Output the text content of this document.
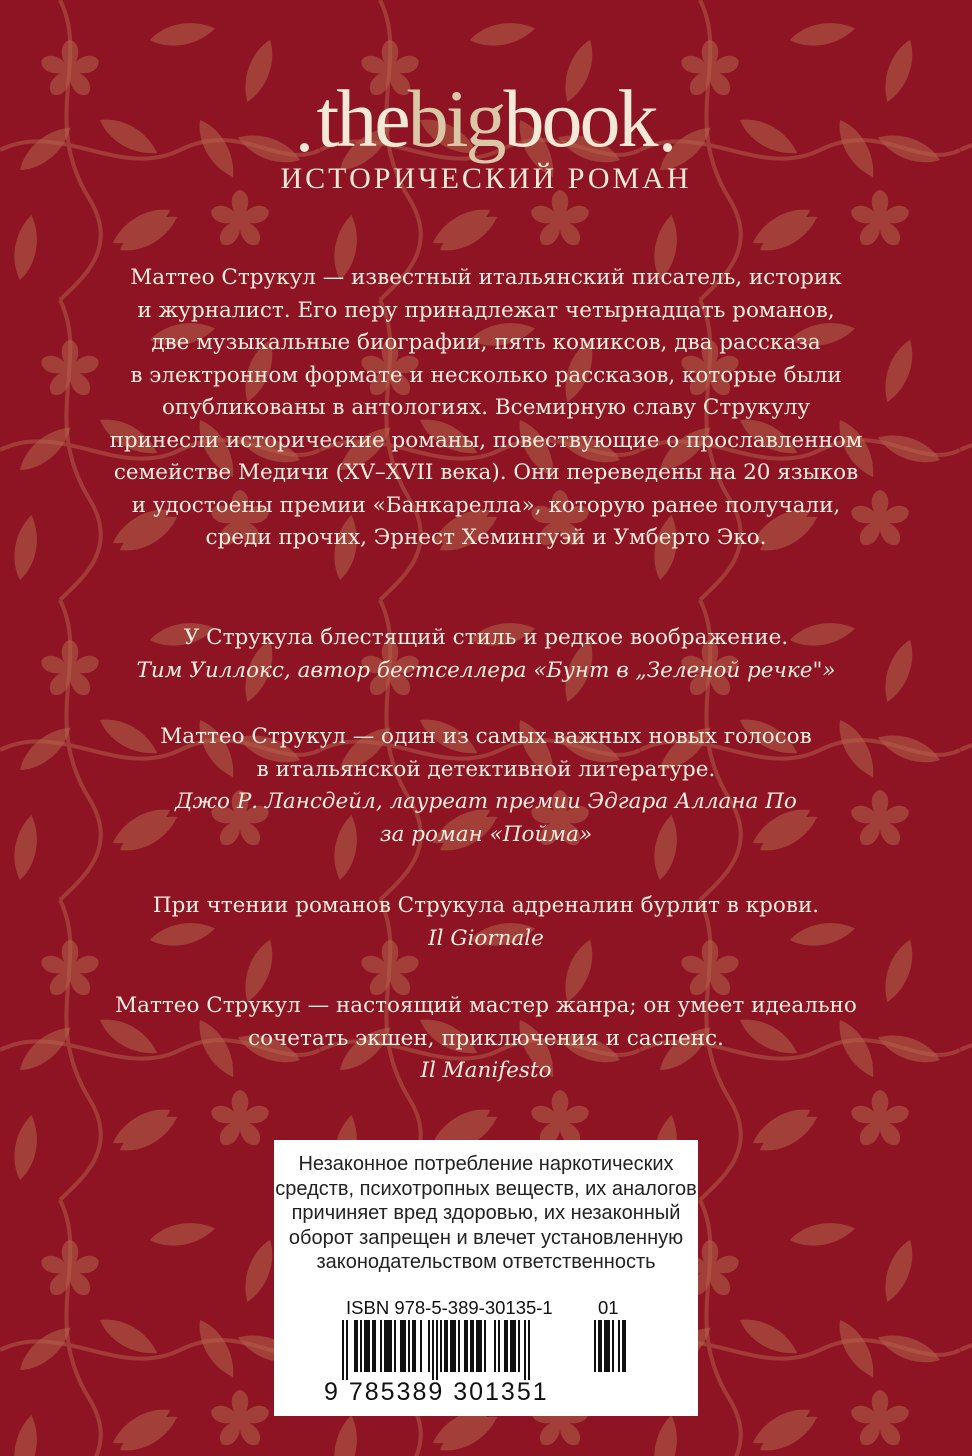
thebigbook
ИСТОРИЧЕСКИЙ РОМАН
Маттео Струкул — известный итальянский писатель, историк
и журналист. Его перу принадлежат четырнадцать романов,
две музыкальные биографии, пять комиксов, два рассказа
в электронном формате и несколько рассказов, которые были
опубликованы в антологиях. Всемирную славу Струкулу
принесли исторические романы, повествующие о прославленном
семействе Медичи (XV–XVII века). Они переведены на 20 языков
и удостоены премии «Банкарелла», которую ранее получали,
среди прочих, Эрнест Хемингуэй и Умберто Эко.
У Струкула блестящий стиль и редкое воображение.
Тим Уиллокс, автор бестселлера «Бунт в „Зеленой речке"»
Маттео Струкул — один из самых важных новых голосов
в итальянской детективной литературе.
Джо Р. Лансдейл, лауреат премии Эдгара Аллана По
за роман «Пойма»
При чтении романов Струкула адреналин бурлит в крови.
Il Giornale
Маттео Струкул — настоящий мастер жанра; он умеет идеально
сочетать экшен, приключения и саспенс.
Il Manifesto
Незаконное потребление наркотических
средств, психотропных веществ, их аналогов
причиняет вред здоровью, их незаконный
оборот запрещен и влечет установленную
законодательством ответственность
ISBN 978-5-389-30135-1 01
9 785389 301351
